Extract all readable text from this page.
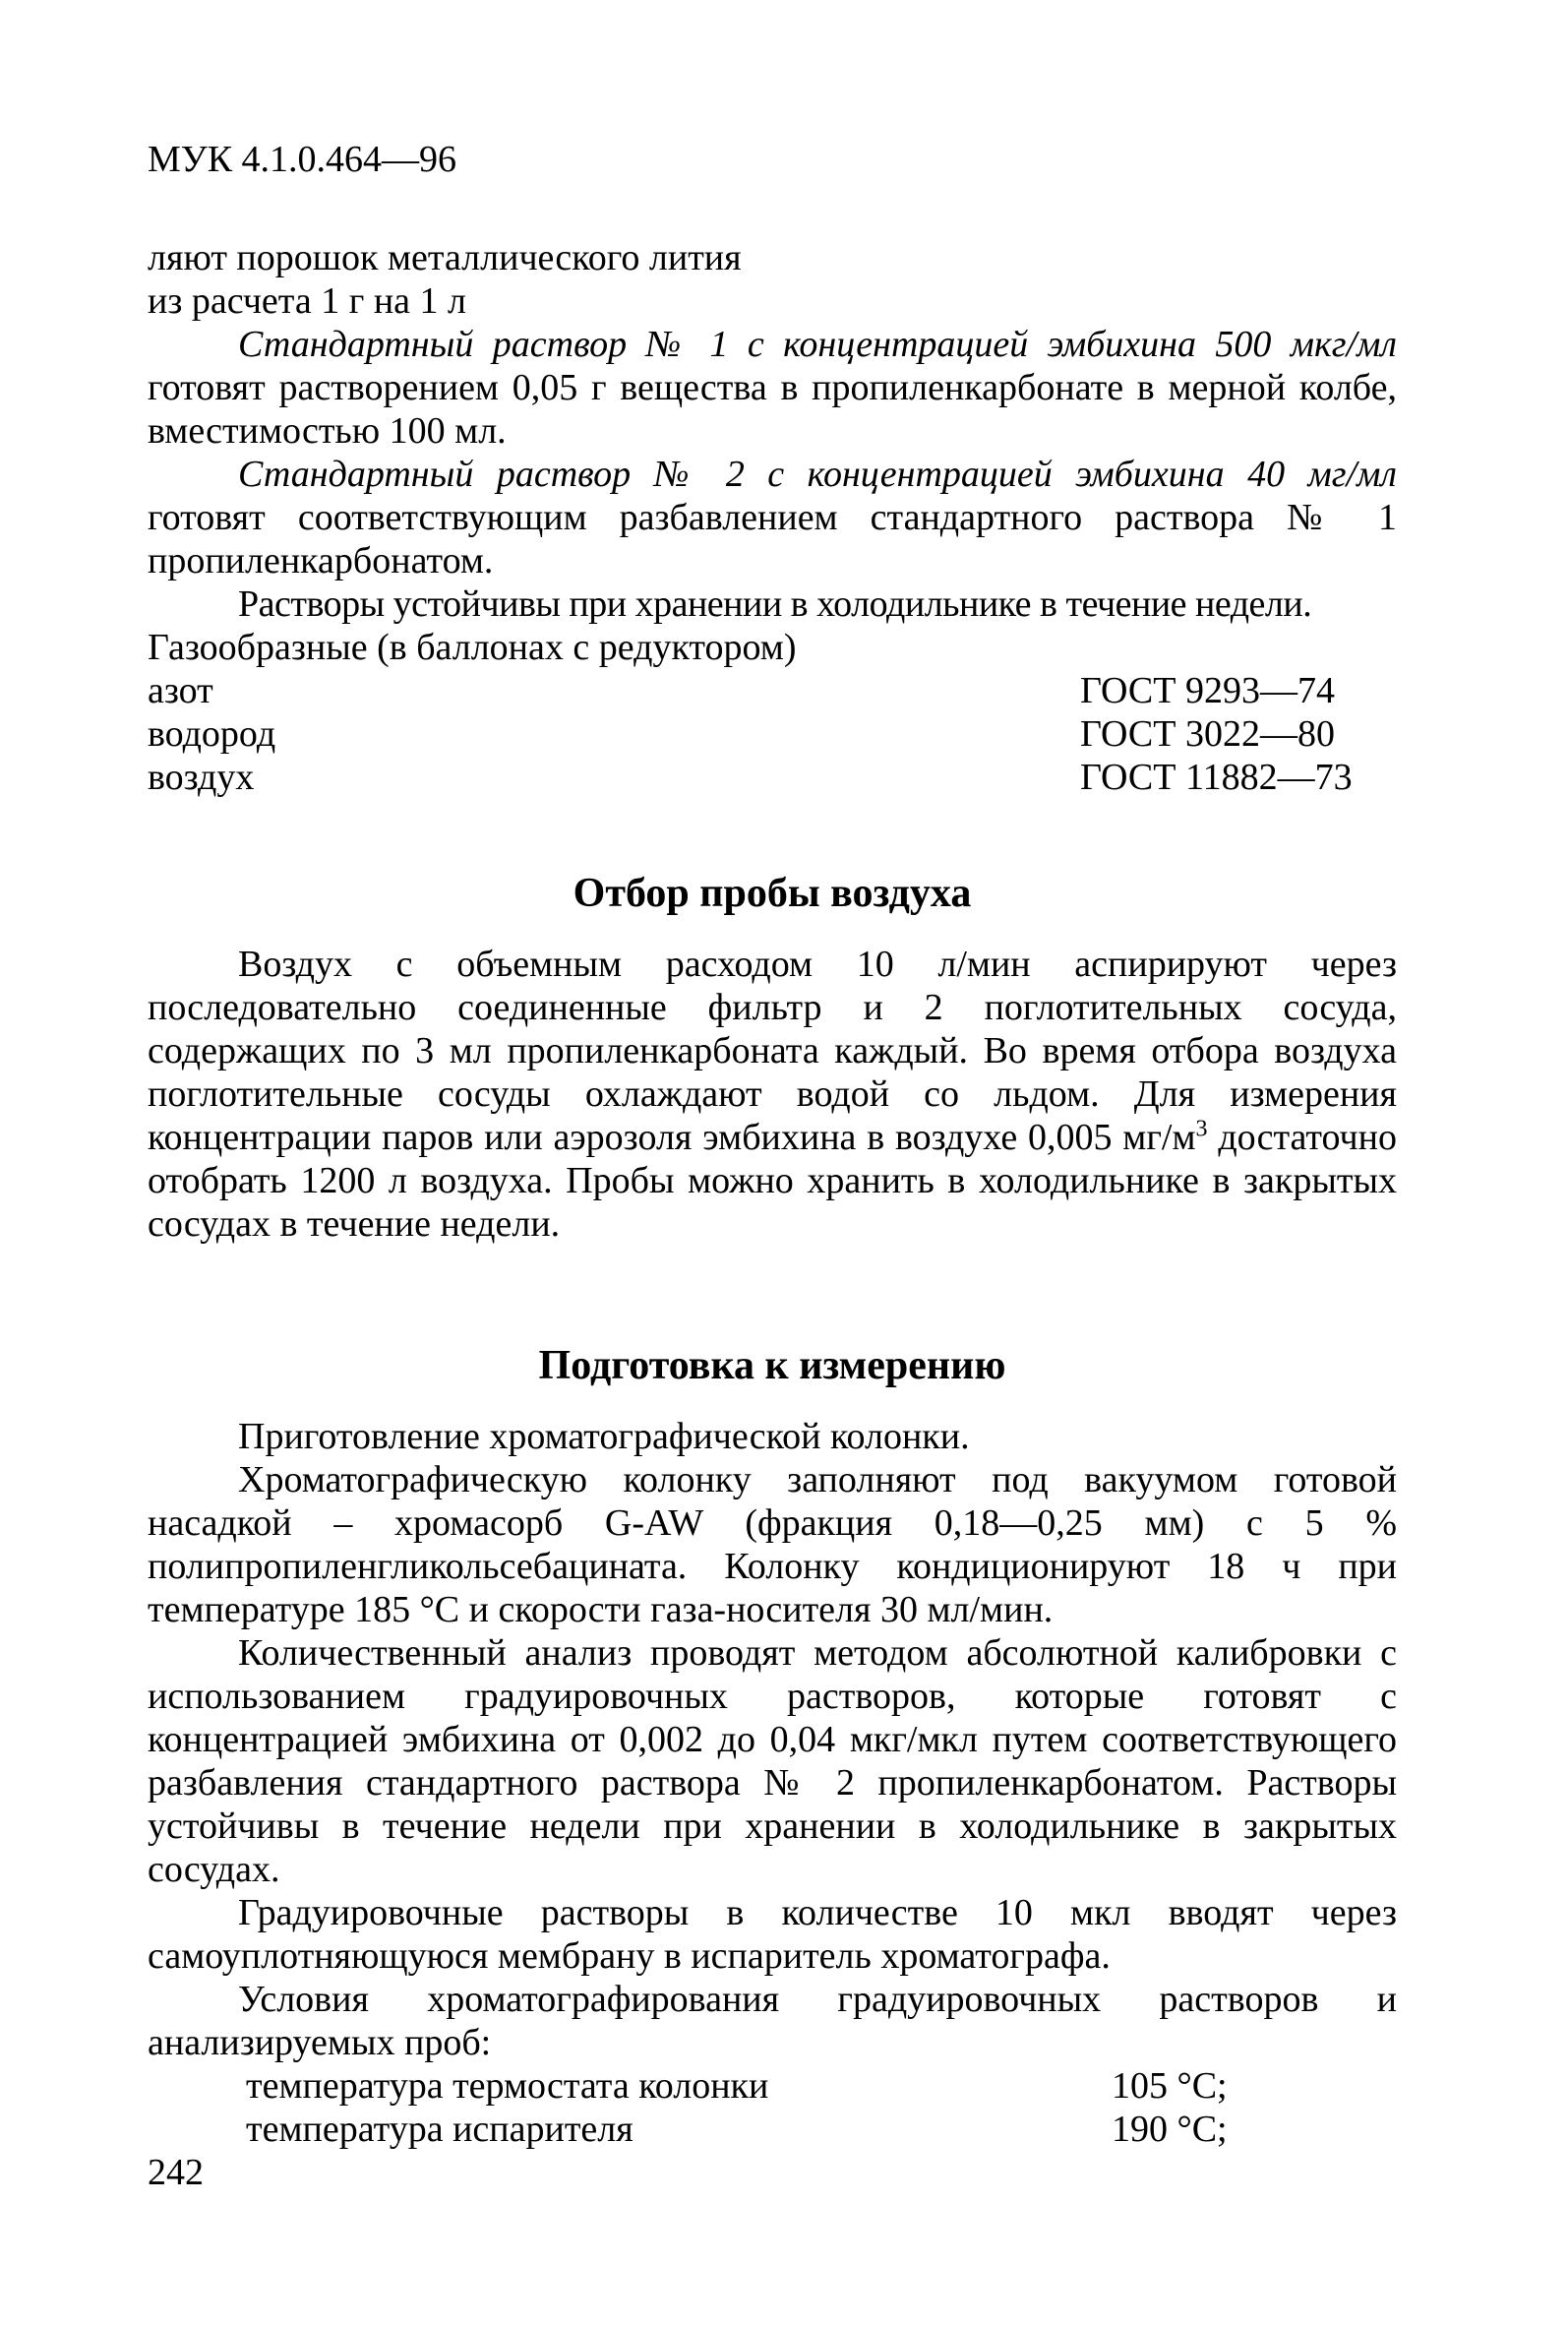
МУК 4.1.0.464—96

ляют порошок металлического лития

из расчета 1 г на 1 л

Стандартный раствор № 1 с концентрацией эмбихина 500 мкг/мл готовят растворением 0,05 г вещества в пропиленкарбонате в мерной колбе, вместимостью 100 мл.

Стандартный раствор № 2 с концентрацией эмбихина 40 мг/мл готовят соответствующим разбавлением стандартного раствора № 1 пропиленкарбонатом.

Растворы устойчивы при хранении в холодильнике в течение недели.

Газообразные (в баллонах с редуктором)

азот	ГОСТ 9293—74
водород	ГОСТ 3022—80
воздух	ГОСТ 11882—73
Отбор пробы воздуха

Воздух с объемным расходом 10 л/мин аспирируют через последовательно соединенные фильтр и 2 поглотительных сосуда, содержащих по 3 мл пропиленкарбоната каждый. Во время отбора воздуха поглотительные сосуды охлаждают водой со льдом. Для измерения концентрации паров или аэрозоля эмбихина в воздухе 0,005 $мг/м^3$ достаточно отобрать 1200 л воздуха. Пробы можно хранить в холодильнике в закрытых сосудах в течение недели.

Подготовка к измерению

Приготовление хроматографической колонки.

Хроматографическую колонку заполняют под вакуумом готовой насадкой – хромасорб G-AW (фракция 0,18—0,25 мм) с 5 % полипропиленгликольсебацината. Колонку кондиционируют 18 ч при температуре 185 °С и скорости газа-носителя 30 мл/мин.

Количественный анализ проводят методом абсолютной калибровки с использованием градуировочных растворов, которые готовят с концентрацией эмбихина от 0,002 до 0,04 мкг/мкл путем соответствующего разбавления стандартного раствора № 2 пропиленкарбонатом. Растворы устойчивы в течение недели при хранении в холодильнике в закрытых сосудах.

Градуировочные растворы в количестве 10 мкл вводят через самоуплотняющуюся мембрану в испаритель хроматографа.

Условия хроматографирования градуировочных растворов и анализируемых проб:

температура термостата колонки	105 °С;
температура испарителя	190 °С;
242
